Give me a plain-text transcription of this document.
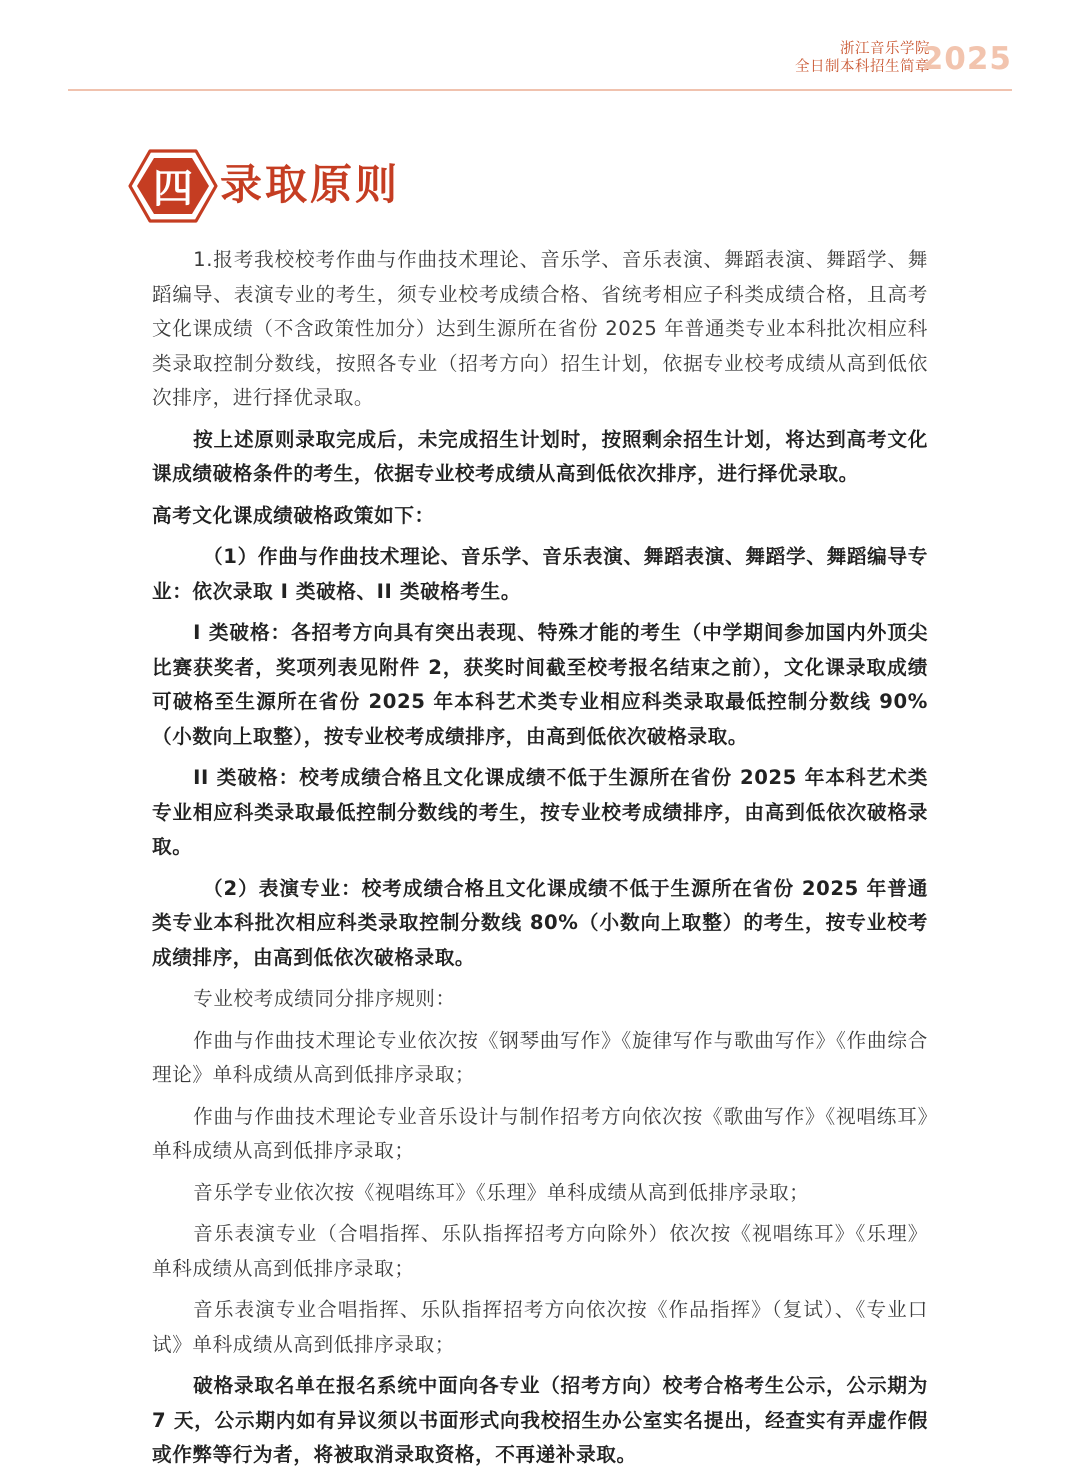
浙江音乐学院
全日制本科招生简章
2025
四 录取原则

1.报考我校校考作曲与作曲技术理论、音乐学、音乐表演、舞蹈表演、舞蹈学、舞蹈编导、表演专业的考生，须专业校考成绩合格、省统考相应子科类成绩合格，且高考文化课成绩（不含政策性加分）达到生源所在省份 2025 年普通类专业本科批次相应科类录取控制分数线，按照各专业（招考方向）招生计划，依据专业校考成绩从高到低依次排序，进行择优录取。

按上述原则录取完成后，未完成招生计划时，按照剩余招生计划，将达到高考文化课成绩破格条件的考生，依据专业校考成绩从高到低依次排序，进行择优录取。

高考文化课成绩破格政策如下：

（1）作曲与作曲技术理论、音乐学、音乐表演、舞蹈表演、舞蹈学、舞蹈编导专业：依次录取 I 类破格、II 类破格考生。

I 类破格：各招考方向具有突出表现、特殊才能的考生（中学期间参加国内外顶尖比赛获奖者，奖项列表见附件 2，获奖时间截至校考报名结束之前），文化课录取成绩可破格至生源所在省份 2025 年本科艺术类专业相应科类录取最低控制分数线 90%（小数向上取整），按专业校考成绩排序，由高到低依次破格录取。

II 类破格：校考成绩合格且文化课成绩不低于生源所在省份 2025 年本科艺术类专业相应科类录取最低控制分数线的考生，按专业校考成绩排序，由高到低依次破格录取。

（2）表演专业：校考成绩合格且文化课成绩不低于生源所在省份 2025 年普通类专业本科批次相应科类录取控制分数线 80%（小数向上取整）的考生，按专业校考成绩排序，由高到低依次破格录取。

专业校考成绩同分排序规则：

作曲与作曲技术理论专业依次按《钢琴曲写作》《旋律写作与歌曲写作》《作曲综合理论》单科成绩从高到低排序录取；

作曲与作曲技术理论专业音乐设计与制作招考方向依次按《歌曲写作》《视唱练耳》单科成绩从高到低排序录取；

音乐学专业依次按《视唱练耳》《乐理》单科成绩从高到低排序录取；

音乐表演专业（合唱指挥、乐队指挥招考方向除外）依次按《视唱练耳》《乐理》单科成绩从高到低排序录取；

音乐表演专业合唱指挥、乐队指挥招考方向依次按《作品指挥》（复试）、《专业口试》单科成绩从高到低排序录取；

破格录取名单在报名系统中面向各专业（招考方向）校考合格考生公示，公示期为 7 天，公示期内如有异议须以书面形式向我校招生办公室实名提出，经查实有弄虚作假或作弊等行为者，将被取消录取资格，不再递补录取。
